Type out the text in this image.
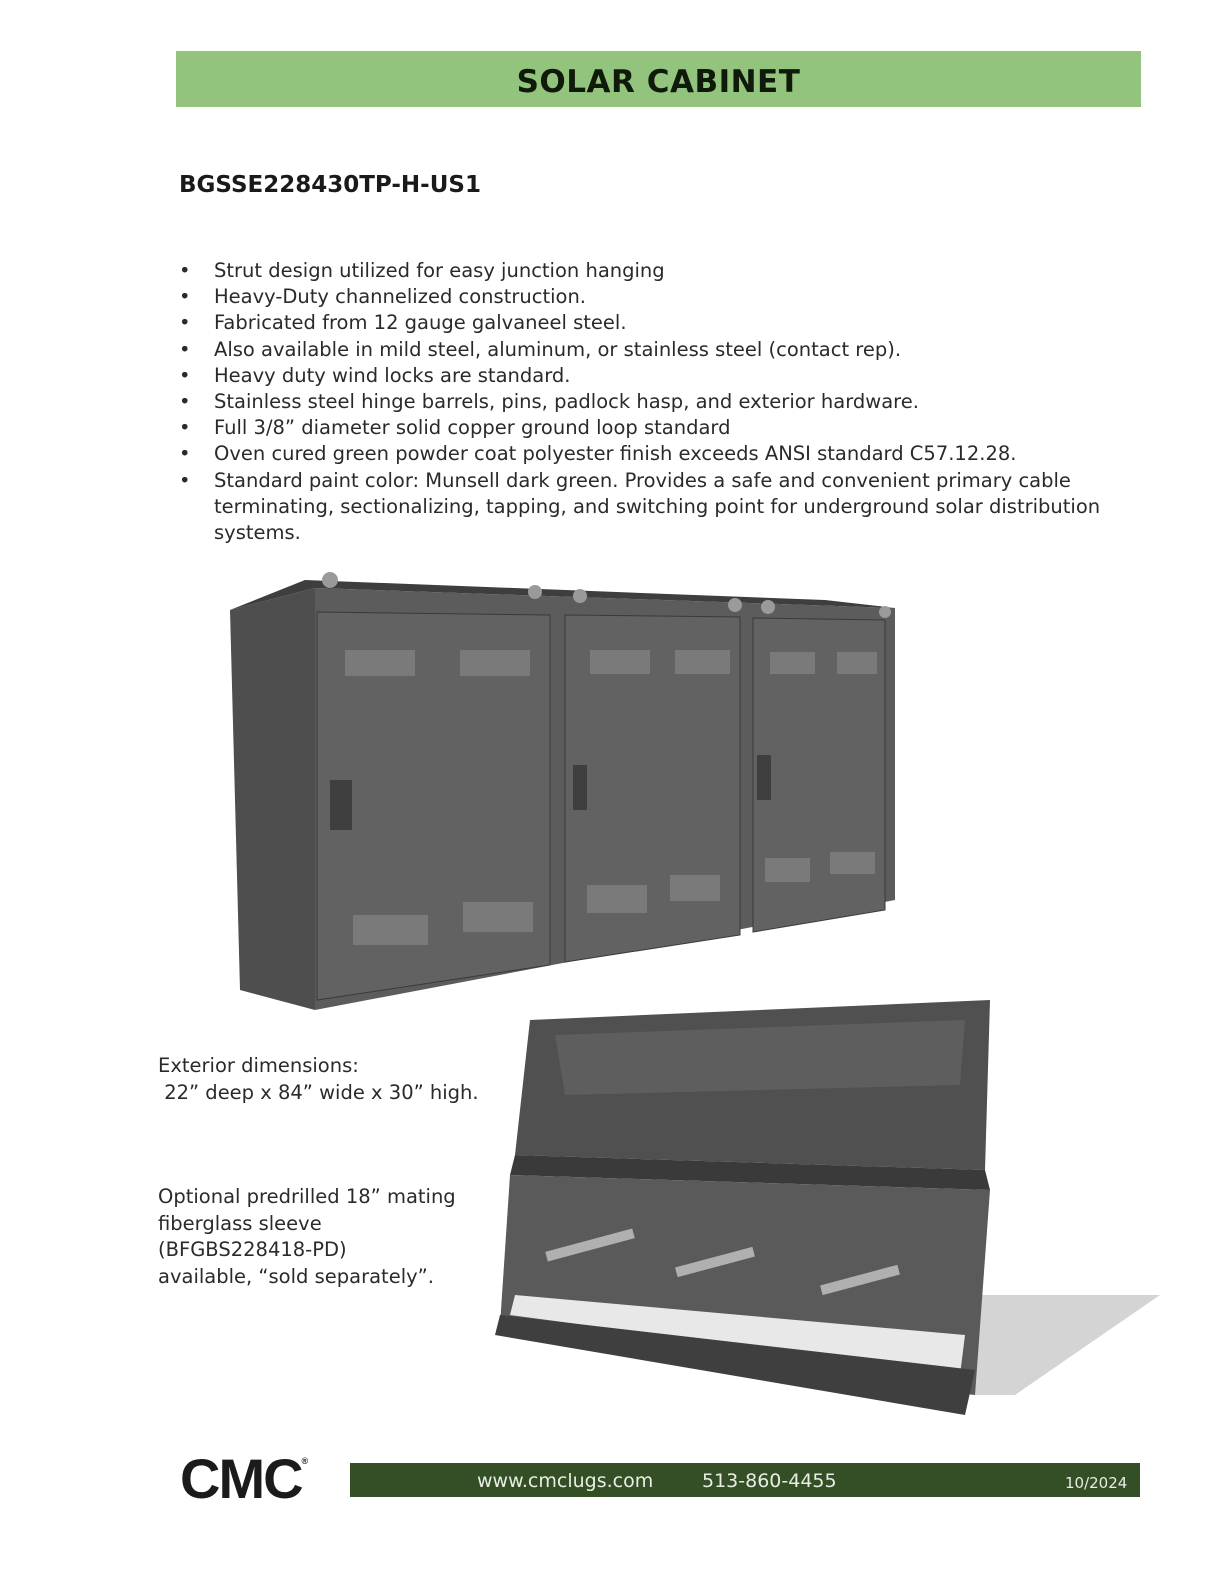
SOLAR CABINET
BGSSE228430TP-H-US1
• Strut design utilized for easy junction hanging
• Heavy-Duty channelized construction.
• Fabricated from 12 gauge galvaneel steel.
• Also available in mild steel, aluminum, or stainless steel (contact rep).
• Heavy duty wind locks are standard.
• Stainless steel hinge barrels, pins, padlock hasp, and exterior hardware.
• Full 3/8” diameter solid copper ground loop standard
• Oven cured green powder coat polyester finish exceeds ANSI standard C57.12.28.
• Standard paint color: Munsell dark green. Provides a safe and convenient primary cable terminating, sectionalizing, tapping, and switching point for underground solar distribution systems.
Exterior dimensions:
22” deep x 84” wide x 30” high.
Optional predrilled 18” mating
fiberglass sleeve
(BFGBS228418-PD)
available, “sold separately”.
CMC®
www.cmclugs.com	513-860-4455	10/2024
